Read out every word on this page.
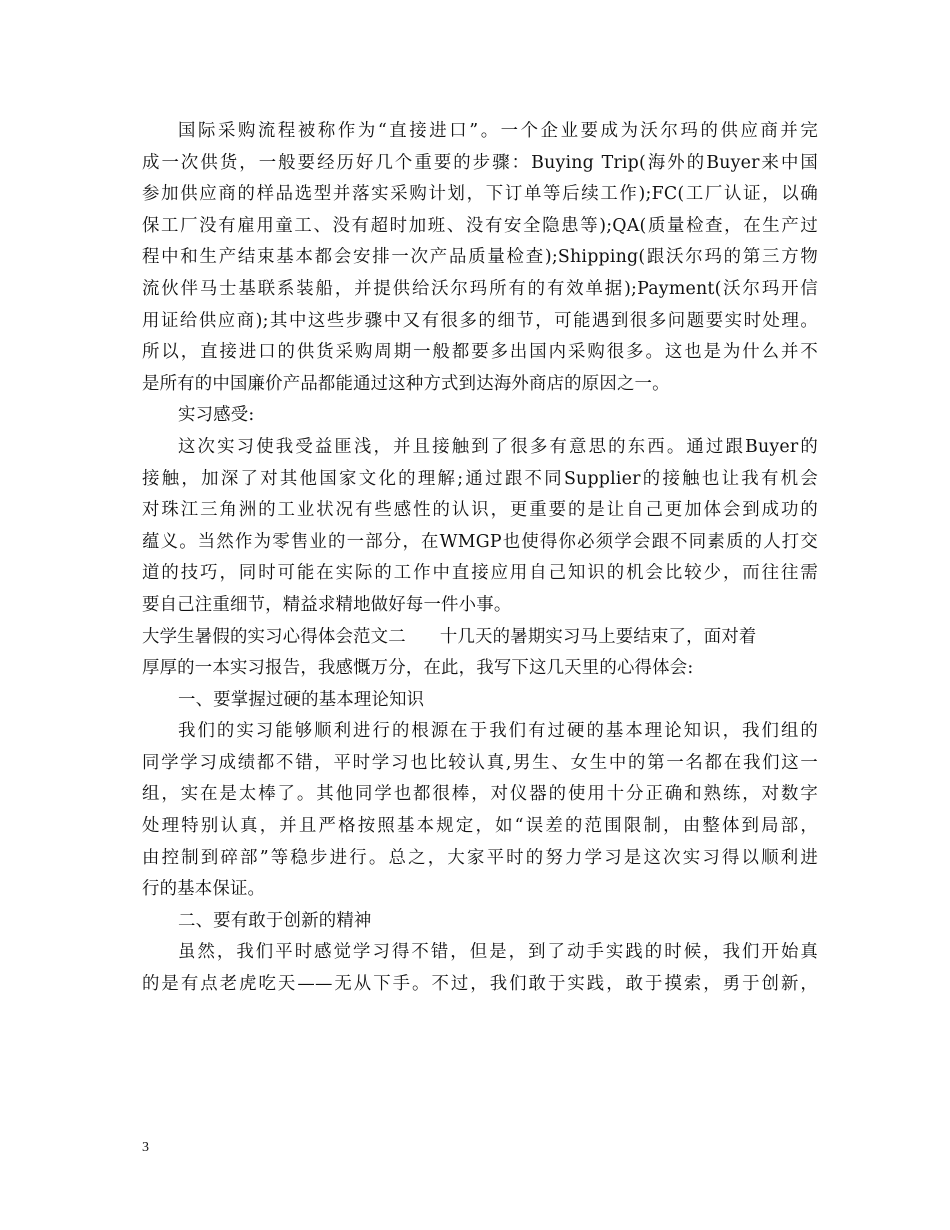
国际采购流程被称作为“直接进口”。一个企业要成为沃尔玛的供应商并完
成一次供货，一般要经历好几个重要的步骤：Buying Trip(海外的Buyer来中国
参加供应商的样品选型并落实采购计划，下订单等后续工作);FC(工厂认证，以确
保工厂没有雇用童工、没有超时加班、没有安全隐患等);QA(质量检查，在生产过
程中和生产结束基本都会安排一次产品质量检查);Shipping(跟沃尔玛的第三方物
流伙伴马士基联系装船，并提供给沃尔玛所有的有效单据);Payment(沃尔玛开信
用证给供应商);其中这些步骤中又有很多的细节，可能遇到很多问题要实时处理。
所以，直接进口的供货采购周期一般都要多出国内采购很多。这也是为什么并不
是所有的中国廉价产品都能通过这种方式到达海外商店的原因之一。
实习感受:
这次实习使我受益匪浅，并且接触到了很多有意思的东西。通过跟Buyer的
接触，加深了对其他国家文化的理解;通过跟不同Supplier的接触也让我有机会
对珠江三角洲的工业状况有些感性的认识，更重要的是让自己更加体会到成功的
蕴义。当然作为零售业的一部分，在WMGP也使得你必须学会跟不同素质的人打交
道的技巧，同时可能在实际的工作中直接应用自己知识的机会比较少，而往往需
要自己注重细节，精益求精地做好每一件小事。
大学生暑假的实习心得体会范文二 十几天的暑期实习马上要结束了，面对着
厚厚的一本实习报告，我感慨万分，在此，我写下这几天里的心得体会:
一、要掌握过硬的基本理论知识
我们的实习能够顺利进行的根源在于我们有过硬的基本理论知识，我们组的
同学学习成绩都不错，平时学习也比较认真,男生、女生中的第一名都在我们这一
组，实在是太棒了。其他同学也都很棒，对仪器的使用十分正确和熟练，对数字
处理特别认真，并且严格按照基本规定，如“误差的范围限制，由整体到局部，
由控制到碎部”等稳步进行。总之，大家平时的努力学习是这次实习得以顺利进
行的基本保证。
二、要有敢于创新的精神
虽然，我们平时感觉学习得不错，但是，到了动手实践的时候，我们开始真
的是有点老虎吃天——无从下手。不过，我们敢于实践，敢于摸索，勇于创新，
3
